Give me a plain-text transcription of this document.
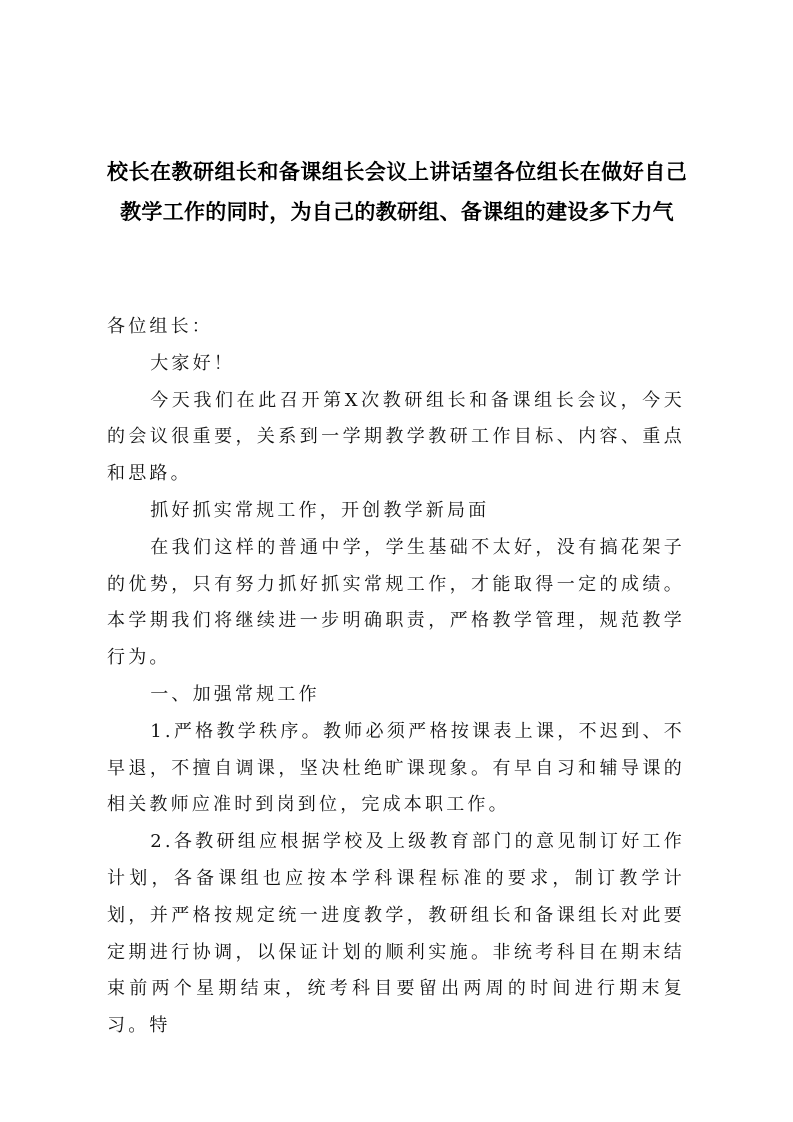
校长在教研组长和备课组长会议上讲话望各位组长在做好自己教学工作的同时，为自己的教研组、备课组的建设多下力气

各位组长：

大家好！

今天我们在此召开第X次教研组长和备课组长会议，今天的会议很重要，关系到一学期教学教研工作目标、内容、重点和思路。

抓好抓实常规工作，开创教学新局面

在我们这样的普通中学，学生基础不太好，没有搞花架子的优势，只有努力抓好抓实常规工作，才能取得一定的成绩。本学期我们将继续进一步明确职责，严格教学管理，规范教学行为。

一、加强常规工作

1.严格教学秩序。教师必须严格按课表上课，不迟到、不早退，不擅自调课，坚决杜绝旷课现象。有早自习和辅导课的相关教师应准时到岗到位，完成本职工作。

2.各教研组应根据学校及上级教育部门的意见制订好工作计划，各备课组也应按本学科课程标准的要求，制订教学计划，并严格按规定统一进度教学，教研组长和备课组长对此要定期进行协调，以保证计划的顺利实施。非统考科目在期末结束前两个星期结束，统考科目要留出两周的时间进行期末复习。特
